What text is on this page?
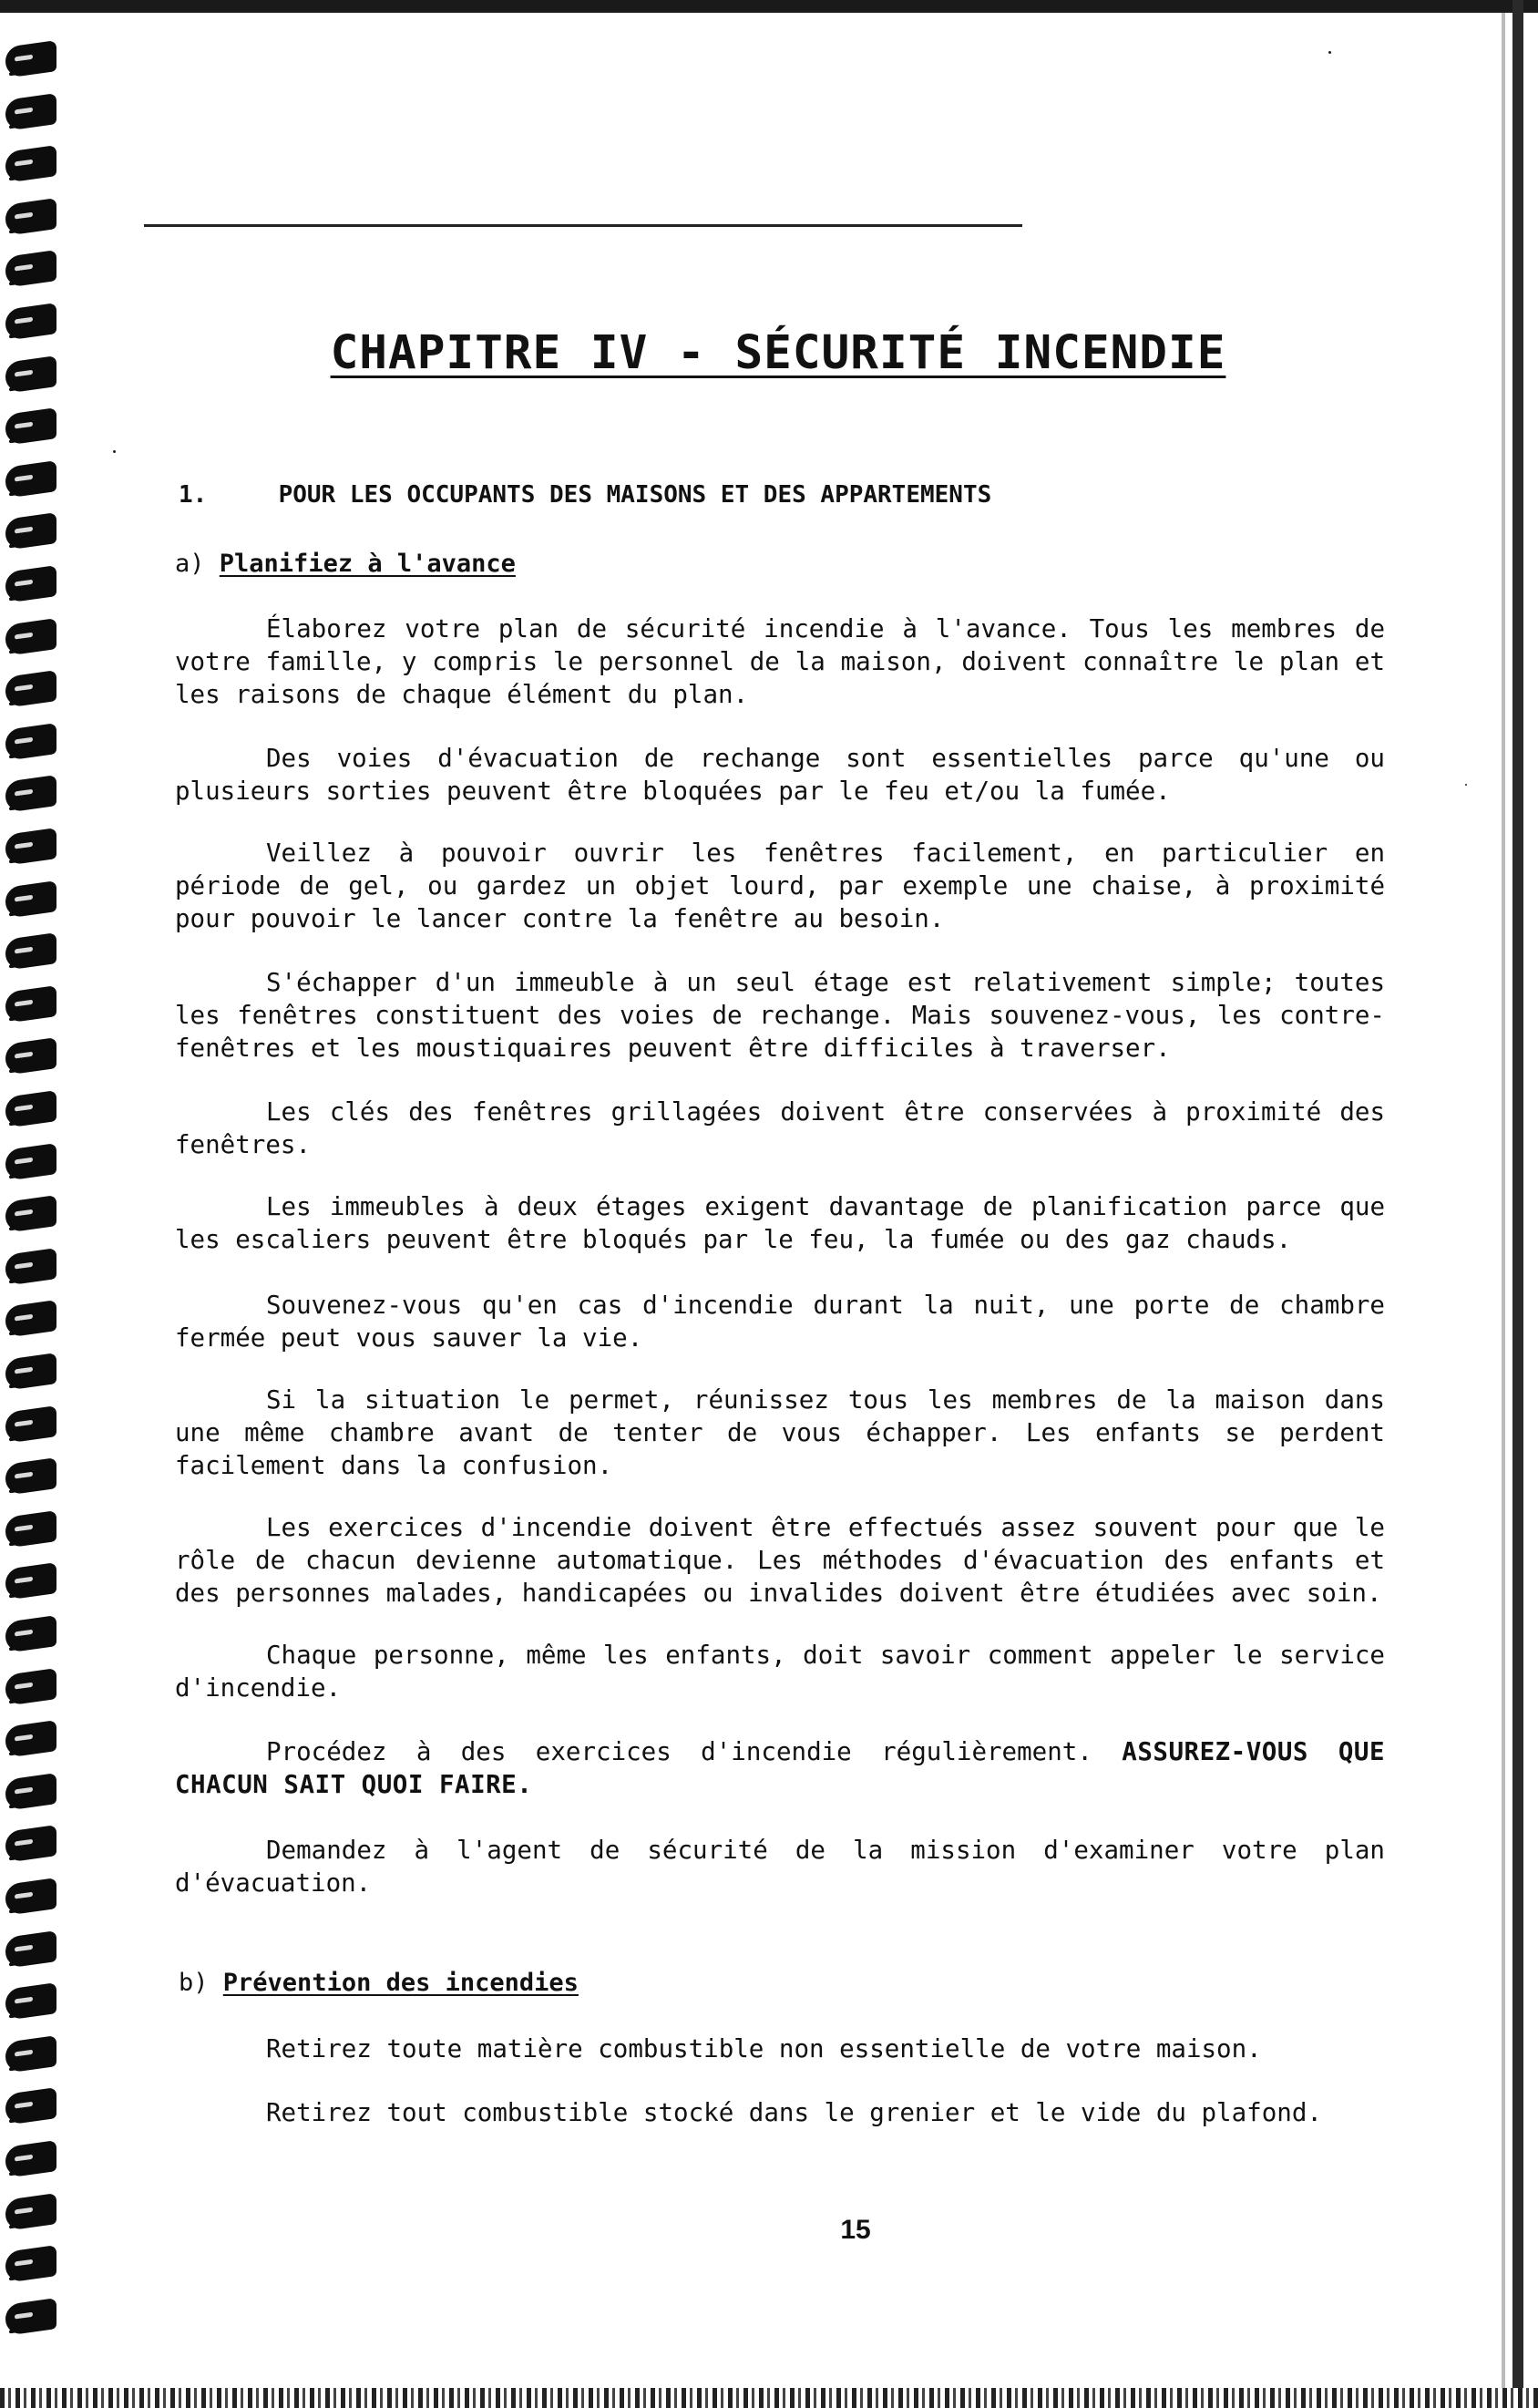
CHAPITRE IV - SÉCURITÉ INCENDIE
1.	POUR LES OCCUPANTS DES MAISONS ET DES APPARTEMENTS
a) Planifiez à l'avance
Élaborez votre plan de sécurité incendie à l'avance. Tous les membres de votre famille, y compris le personnel de la maison, doivent connaître le plan et les raisons de chaque élément du plan.
Des voies d'évacuation de rechange sont essentielles parce qu'une ou plusieurs sorties peuvent être bloquées par le feu et/ou la fumée.
Veillez à pouvoir ouvrir les fenêtres facilement, en particulier en période de gel, ou gardez un objet lourd, par exemple une chaise, à proximité pour pouvoir le lancer contre la fenêtre au besoin.
S'échapper d'un immeuble à un seul étage est relativement simple; toutes les fenêtres constituent des voies de rechange. Mais souvenez-vous, les contre-fenêtres et les moustiquaires peuvent être difficiles à traverser.
Les clés des fenêtres grillagées doivent être conservées à proximité des fenêtres.
Les immeubles à deux étages exigent davantage de planification parce que les escaliers peuvent être bloqués par le feu, la fumée ou des gaz chauds.
Souvenez-vous qu'en cas d'incendie durant la nuit, une porte de chambre fermée peut vous sauver la vie.
Si la situation le permet, réunissez tous les membres de la maison dans une même chambre avant de tenter de vous échapper. Les enfants se perdent facilement dans la confusion.
Les exercices d'incendie doivent être effectués assez souvent pour que le rôle de chacun devienne automatique. Les méthodes d'évacuation des enfants et des personnes malades, handicapées ou invalides doivent être étudiées avec soin.
Chaque personne, même les enfants, doit savoir comment appeler le service d'incendie.
Procédez à des exercices d'incendie régulièrement. ASSUREZ-VOUS QUE CHACUN SAIT QUOI FAIRE.
Demandez à l'agent de sécurité de la mission d'examiner votre plan d'évacuation.
b) Prévention des incendies
Retirez toute matière combustible non essentielle de votre maison.
Retirez tout combustible stocké dans le grenier et le vide du plafond.
15
